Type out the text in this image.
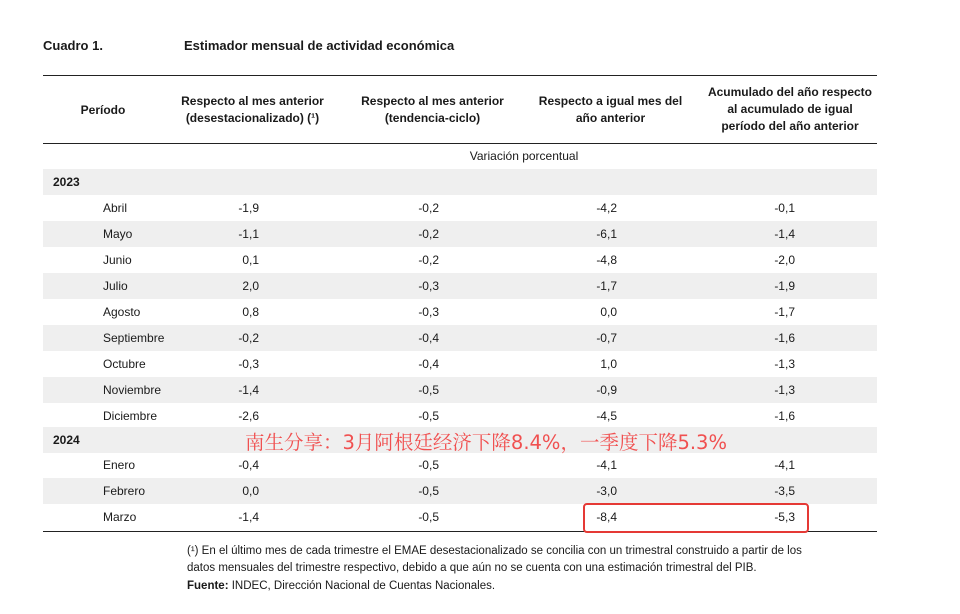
Cuadro 1.	Estimador mensual de actividad económica
Período
Respecto al mes anterior
(desestacionalizado) (¹)
Respecto al mes anterior
(tendencia-ciclo)
Respecto a igual mes del
año anterior
Acumulado del año respecto
al acumulado de igual
período del año anterior
Variación porcentual
2023
Abril	-1,9	-0,2	-4,2	-0,1
Mayo	-1,1	-0,2	-6,1	-1,4
Junio	0,1	-0,2	-4,8	-2,0
Julio	2,0	-0,3	-1,7	-1,9
Agosto	0,8	-0,3	0,0	-1,7
Septiembre	-0,2	-0,4	-0,7	-1,6
Octubre	-0,3	-0,4	1,0	-1,3
Noviembre	-1,4	-0,5	-0,9	-1,3
Diciembre	-2,6	-0,5	-4,5	-1,6
2024
Enero	-0,4	-0,5	-4,1	-4,1
Febrero	0,0	-0,5	-3,0	-3,5
Marzo	-1,4	-0,5	-8,4	-5,3
南生分享：3月阿根廷经济下降8.4%，一季度下降5.3%
(¹) En el último mes de cada trimestre el EMAE desestacionalizado se concilia con un trimestral construido a partir de los
datos mensuales del trimestre respectivo, debido a que aún no se cuenta con una estimación trimestral del PIB.
Fuente: INDEC, Dirección Nacional de Cuentas Nacionales.
